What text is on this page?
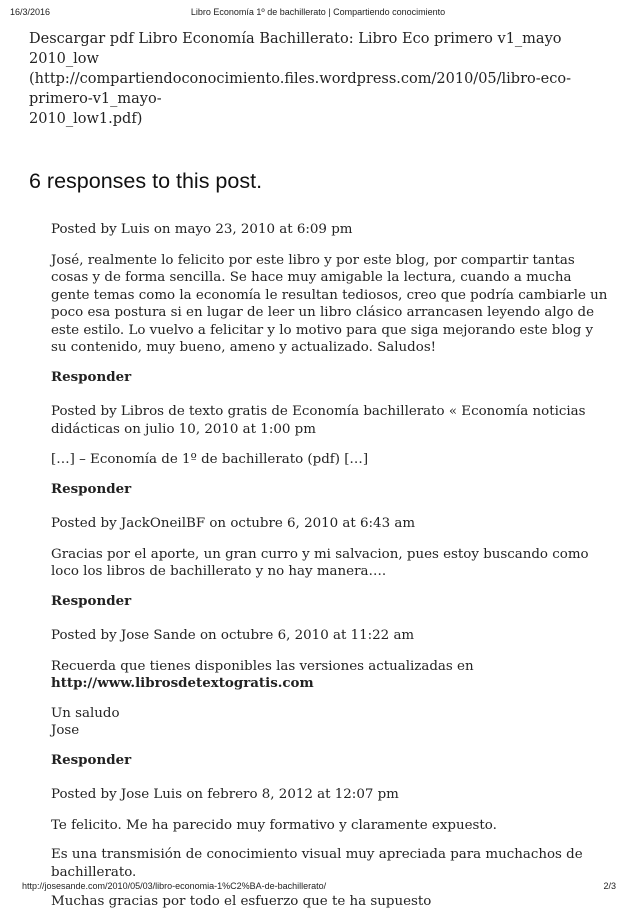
16/3/2016	Libro Economía 1º de bachillerato | Compartiendo conocimiento

Descargar pdf Libro Economía Bachillerato: Libro Eco primero v1_mayo 2010_low
(http://compartiendoconocimiento.files.wordpress.com/2010/05/libro-eco-primero-v1_mayo-
2010_low1.pdf)

6 responses to this post.

Posted by Luis on mayo 23, 2010 at 6:09 pm

José, realmente lo felicito por este libro y por este blog, por compartir tantas cosas y de forma sencilla. Se hace muy amigable la lectura, cuando a mucha gente temas como la economía le resultan tediosos, creo que podría cambiarle un poco esa postura si en lugar de leer un libro clásico arrancasen leyendo algo de este estilo. Lo vuelvo a felicitar y lo motivo para que siga mejorando este blog y su contenido, muy bueno, ameno y actualizado. Saludos!

Responder

Posted by Libros de texto gratis de Economía bachillerato « Economía noticias didácticas on julio 10, 2010 at 1:00 pm

[…] – Economía de 1º de bachillerato (pdf) […]

Responder

Posted by JackOneilBF on octubre 6, 2010 at 6:43 am

Gracias por el aporte, un gran curro y mi salvacion, pues estoy buscando como loco los libros de bachillerato y no hay manera….

Responder

Posted by Jose Sande on octubre 6, 2010 at 11:22 am

Recuerda que tienes disponibles las versiones actualizadas en
http://www.librosdetextogratis.com

Un saludo
Jose

Responder

Posted by Jose Luis on febrero 8, 2012 at 12:07 pm

Te felicito. Me ha parecido muy formativo y claramente expuesto.

Es una transmisión de conocimiento visual muy apreciada para muchachos de bachillerato.

Muchas gracias por todo el esfuerzo que te ha supuesto

http://josesande.com/2010/05/03/libro-economia-1%C2%BA-de-bachillerato/	2/3
